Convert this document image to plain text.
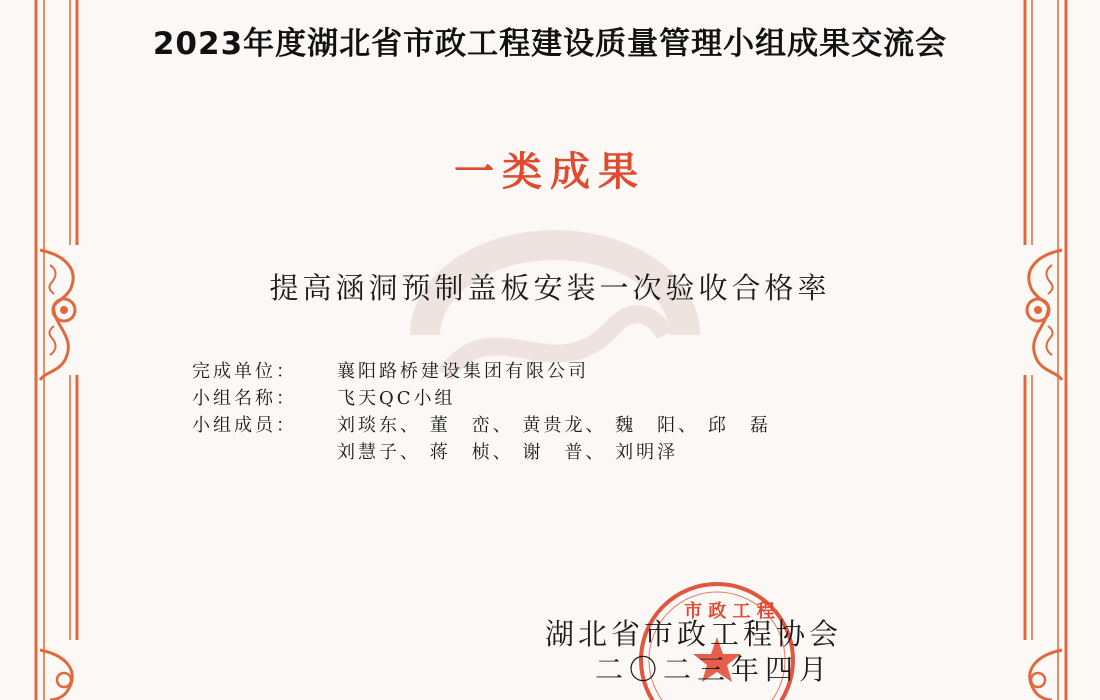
2023年度湖北省市政工程建设质量管理小组成果交流会
一类成果
提高涵洞预制盖板安装一次验收合格率
完成单位：	襄阳路桥建设集团有限公司
小组名称：	飞天QC小组
小组成员：	刘琰东、 董　峦、 黄贵龙、 魏　阳、 邱　磊
刘慧子、 蒋　桢、 谢　普、 刘明泽
市 政 工 程
湖北省市政工程协会
二〇二三年四月
